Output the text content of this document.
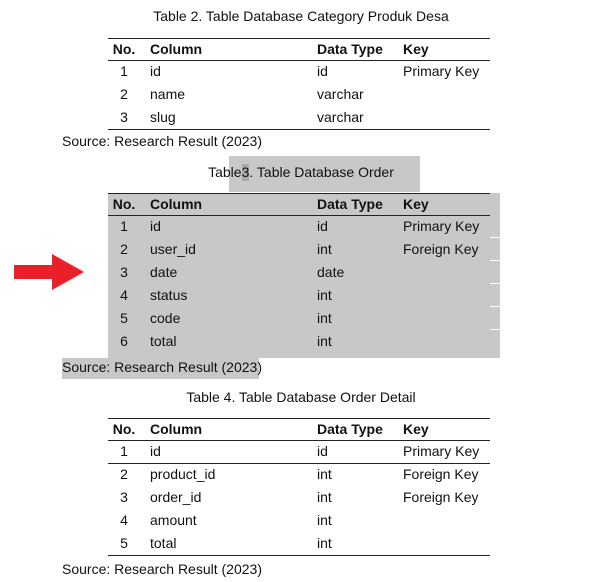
Table 2. Table Database Category Produk Desa
No.	Column	Data Type Key
1	id	id	Primary Key
2	name	varchar
3	slug	varchar
Source: Research Result (2023)
Table3. Table Database Order
No.	Column	Data Type Key
1	id	id	Primary Key
2	user_id	int	Foreign Key
3	date	date
4	status	int
5	code	int
6	total	int
Source: Research Result (2023)
Table 4. Table Database Order Detail
No.	Column	Data Type Key
1	id	id	Primary Key
2	product_id	int	Foreign Key
3	order_id	int	Foreign Key
4	amount	int
5	total	int
Source: Research Result (2023)
